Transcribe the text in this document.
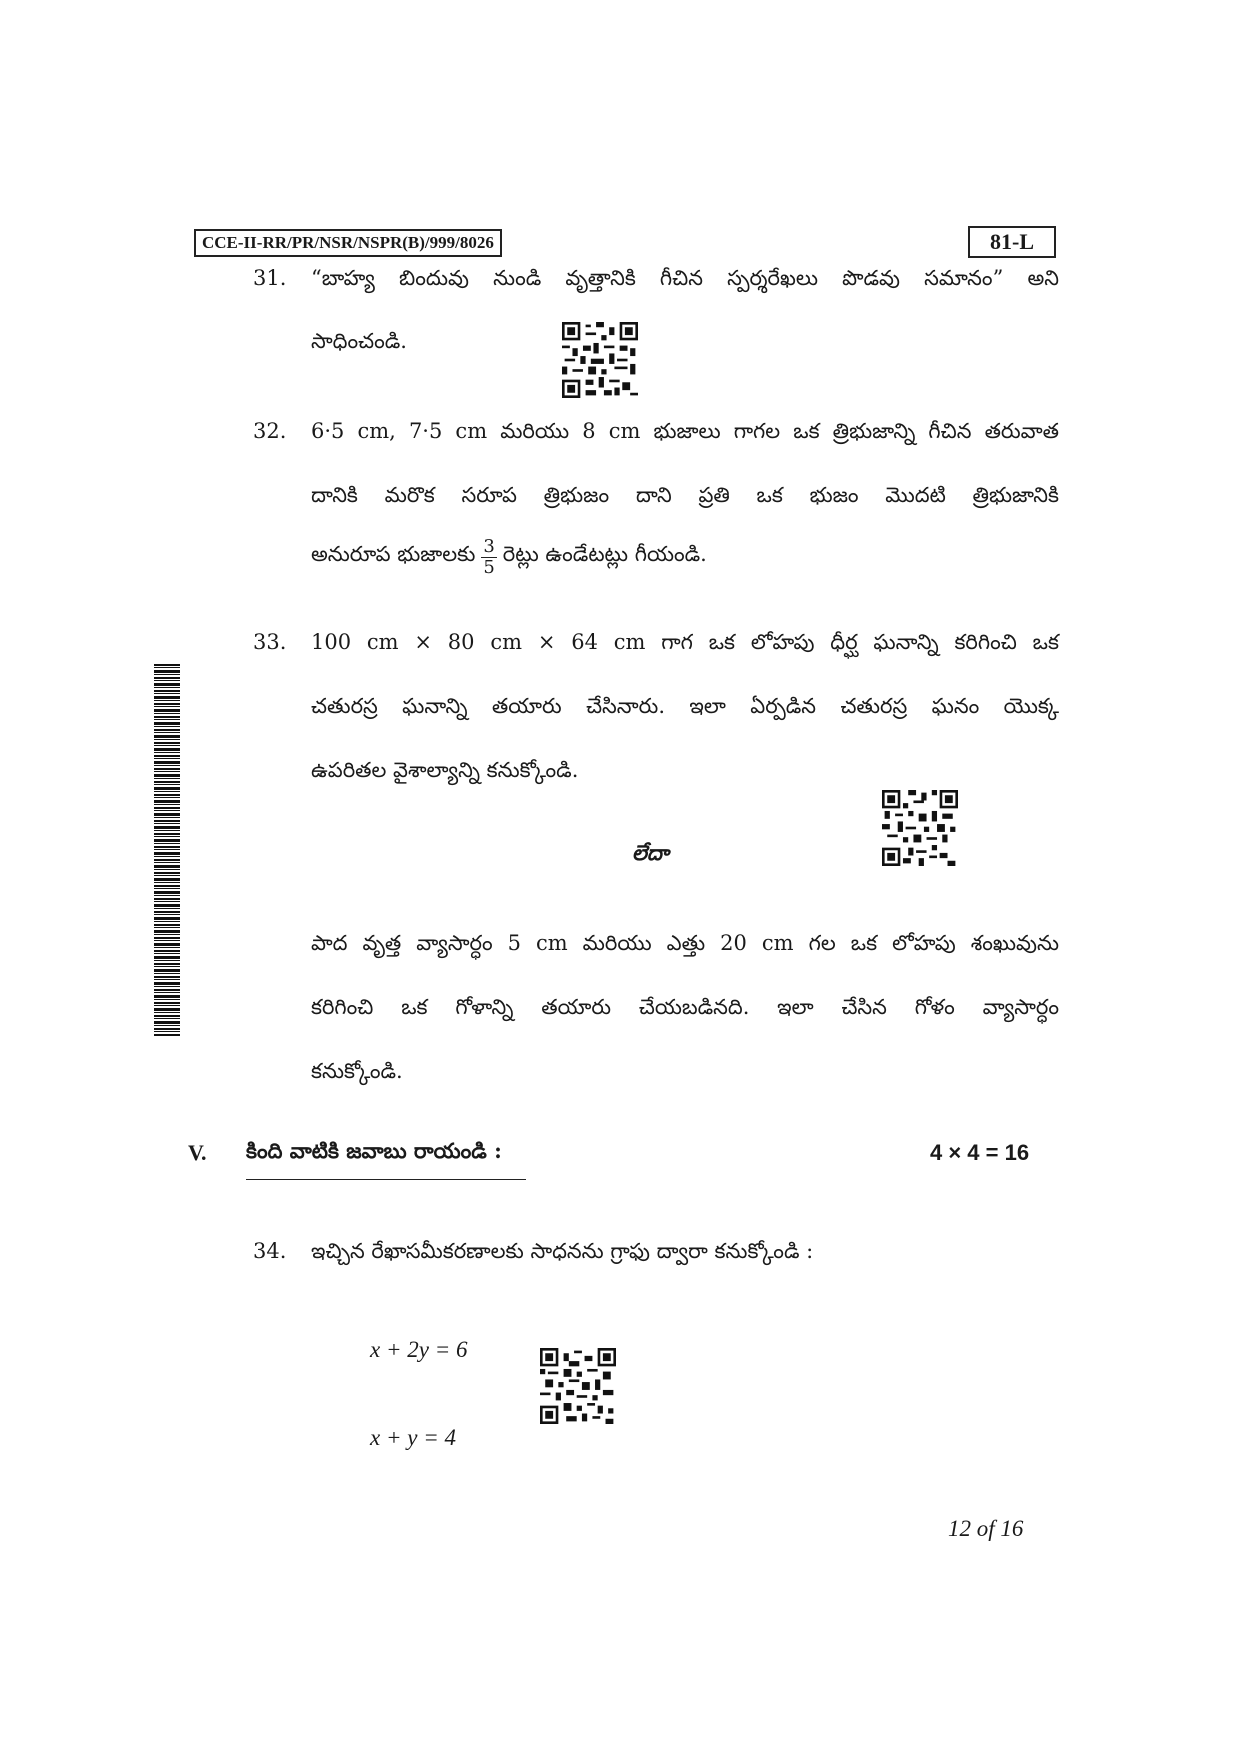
CCE-II-RR/PR/NSR/NSPR(B)/999/8026	81-L
31. “బాహ్య బిందువు నుండి వృత్తానికి గీచిన స్పర్శరేఖలు పొడవు సమానం” అని
సాధించండి.
32. 6·5 cm, 7·5 cm మరియు 8 cm భుజాలు గాగల ఒక త్రిభుజాన్ని గీచిన తరువాత
దానికి మరొక సరూప త్రిభుజం దాని ప్రతి ఒక భుజం మొదటి త్రిభుజానికి
అనురూప భుజాలకు $\frac{3}{5}$ రెట్లు ఉండేటట్లు గీయండి.
33. 100 cm × 80 cm × 64 cm గాగ ఒక లోహపు ధీర్ఘ ఘనాన్ని కరిగించి ఒక
చతురస్ర ఘనాన్ని తయారు చేసినారు. ఇలా ఏర్పడిన చతురస్ర ఘనం యొక్క
ఉపరితల వైశాల్యాన్ని కనుక్కోండి.
లేదా
పాద వృత్త వ్యాసార్ధం 5 cm మరియు ఎత్తు 20 cm గల ఒక లోహపు శంఖువును
కరిగించి ఒక గోళాన్ని తయారు చేయబడినది. ఇలా చేసిన గోళం వ్యాసార్ధం
కనుక్కోండి.
V. కింది వాటికి జవాబు రాయండి :	4 × 4 = 16
34. ఇచ్చిన రేఖాసమీకరణాలకు సాధనను గ్రాఫు ద్వారా కనుక్కోండి :
x + 2y = 6
x + y = 4
12 of 16
